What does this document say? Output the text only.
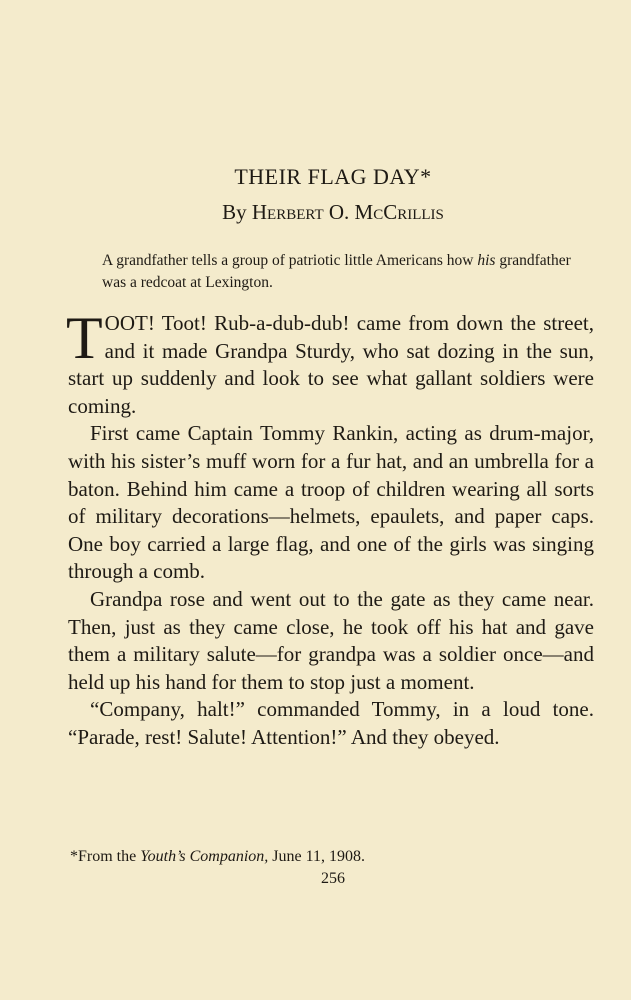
THEIR FLAG DAY*

By Herbert O. McCrillis

A grandfather tells a group of patriotic little Americans how his grandfather was a redcoat at Lexington.

TOOT! Toot! Rub-a-dub-dub! came from down the street, and it made Grandpa Sturdy, who sat dozing in the sun, start up suddenly and look to see what gallant soldiers were coming.

First came Captain Tommy Rankin, acting as drum-major, with his sister’s muff worn for a fur hat, and an umbrella for a baton. Behind him came a troop of children wearing all sorts of military decorations—helmets, epaulets, and paper caps. One boy carried a large flag, and one of the girls was singing through a comb.

Grandpa rose and went out to the gate as they came near. Then, just as they came close, he took off his hat and gave them a military salute—for grandpa was a soldier once—and held up his hand for them to stop just a moment.

“Company, halt!” commanded Tommy, in a loud tone. “Parade, rest! Salute! Attention!” And they obeyed.

*From the Youth’s Companion, June 11, 1908.

256
